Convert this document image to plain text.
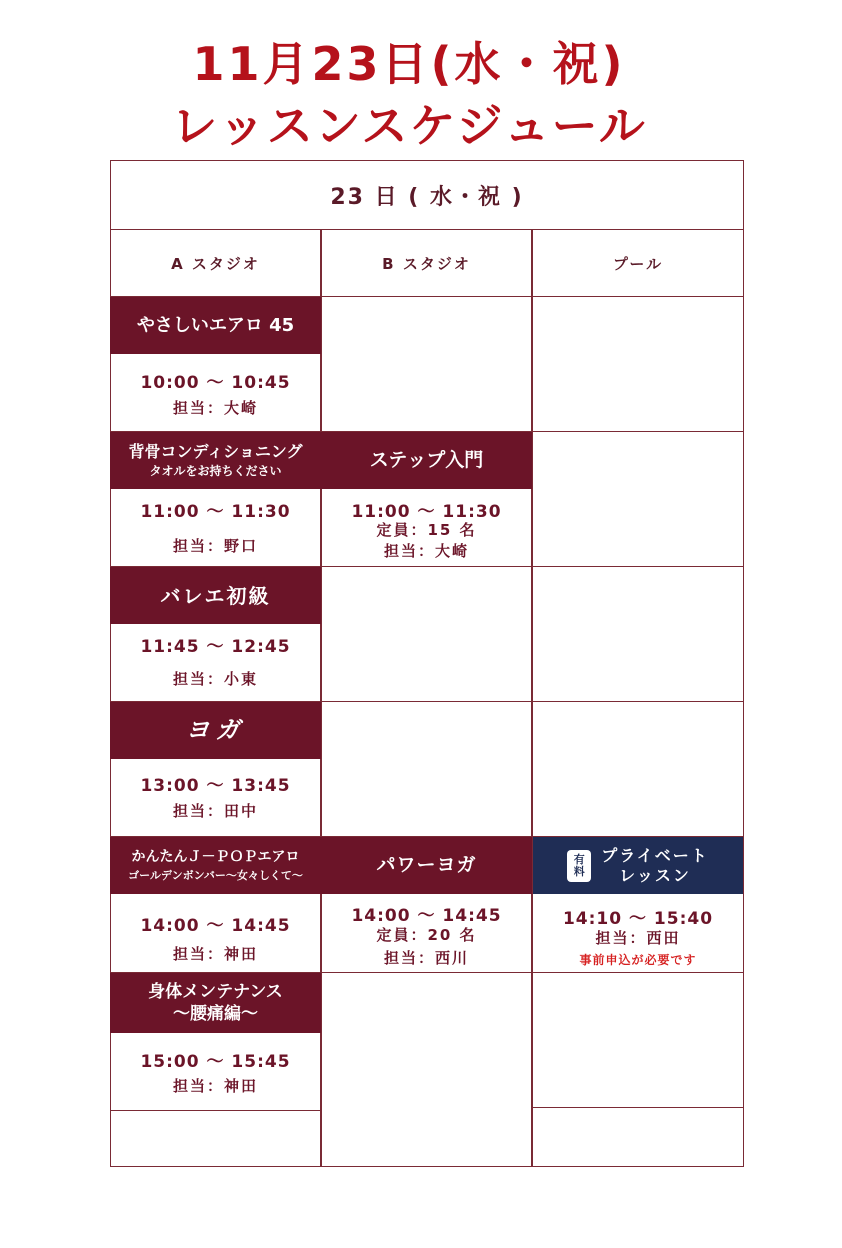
11月23日(水・祝)
レッスンスケジュール
23 日 ( 水・祝 )
A スタジオ	B スタジオ	プール
やさしいエアロ 45
10:00 〜 10:45
担当：大崎
背骨コンディショニング
タオルをお持ちください
11:00 〜 11:30
担当：野口
ステップ入門
11:00 〜 11:30
定員：15 名
担当：大崎
バレエ初級
11:45 〜 12:45
担当：小東
ヨガ
13:00 〜 13:45
担当：田中
かんたんＪ－ＰＯＰエアロ
ゴールデンボンバー〜女々しくて〜
14:00 〜 14:45
担当：神田
パワーヨガ
14:00 〜 14:45
定員：20 名
担当：西川
有
料
プライベート
レッスン
14:10 〜 15:40
担当：西田
事前申込が必要です
身体メンテナンス
〜腰痛編〜
15:00 〜 15:45
担当：神田
